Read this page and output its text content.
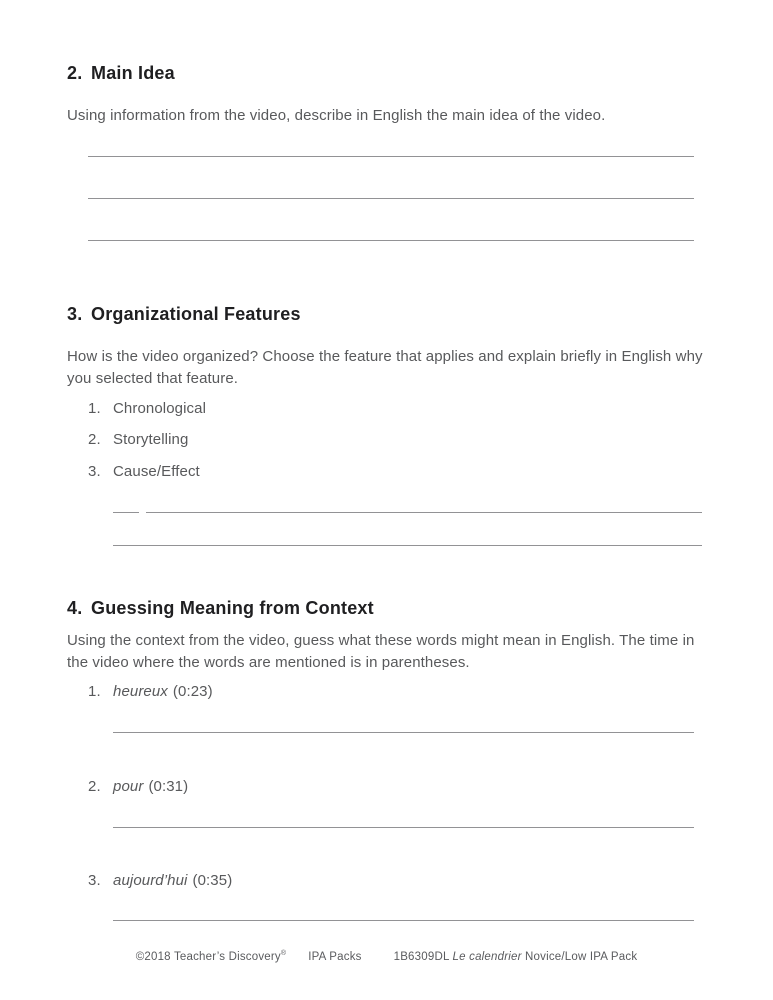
2. Main Idea
Using information from the video, describe in English the main idea of the video.
3. Organizational Features
How is the video organized? Choose the feature that applies and explain briefly in English why you selected that feature.
1. Chronological
2. Storytelling
3. Cause/Effect
4. Guessing Meaning from Context
Using the context from the video, guess what these words might mean in English. The time in the video where the words are mentioned is in parentheses.
1. heureux (0:23)
2. pour (0:31)
3. aujourd’hui (0:35)
©2018 Teacher’s Discovery® IPA Packs	1B6309DL Le calendrier Novice/Low IPA Pack
